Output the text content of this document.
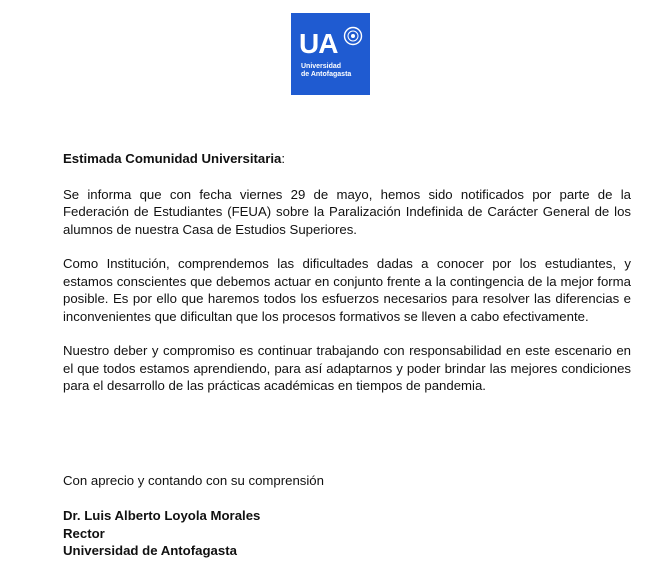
UA
Universidad
de Antofagasta

Estimada Comunidad Universitaria:

Se informa que con fecha viernes 29 de mayo, hemos sido notificados por parte de la Federación de Estudiantes (FEUA) sobre la Paralización Indefinida de Carácter General de los alumnos de nuestra Casa de Estudios Superiores.

Como Institución, comprendemos las dificultades dadas a conocer por los estudiantes, y estamos conscientes que debemos actuar en conjunto frente a la contingencia de la mejor forma posible. Es por ello que haremos todos los esfuerzos necesarios para resolver las diferencias e inconvenientes que dificultan que los procesos formativos se lleven a cabo efectivamente.

Nuestro deber y compromiso es continuar trabajando con responsabilidad en este escenario en el que todos estamos aprendiendo, para así adaptarnos y poder brindar las mejores condiciones para el desarrollo de las prácticas académicas en tiempos de pandemia.

Con aprecio y contando con su comprensión
Dr. Luis Alberto Loyola Morales
Rector
Universidad de Antofagasta
